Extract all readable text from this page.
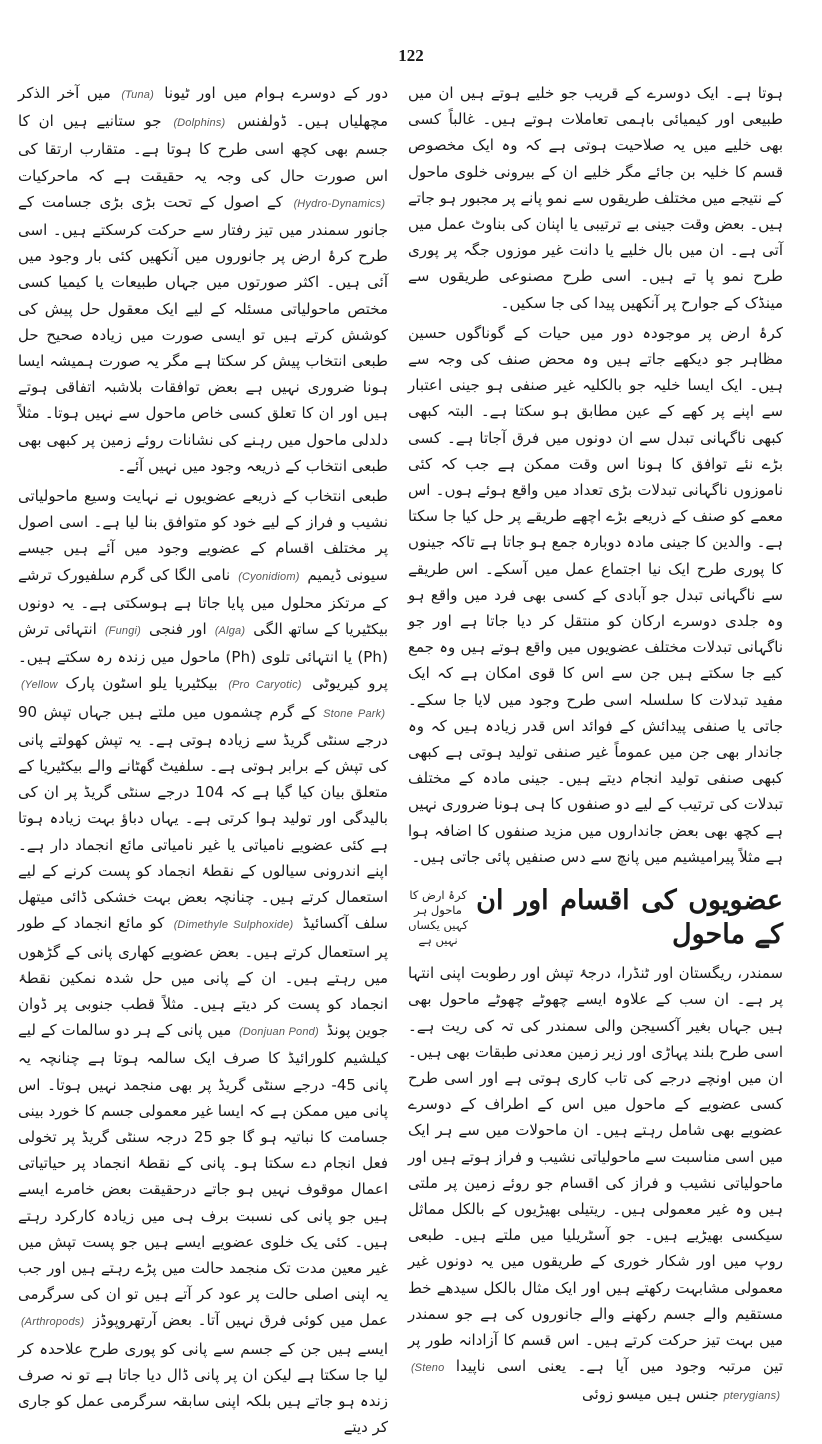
122

ہوتا ہے۔ ایک دوسرے کے قریب جو خلیے ہوتے ہیں ان میں طبیعی اور کیمیائی باہمی تعاملات ہوتے ہیں۔ غالباً کسی بھی خلیے میں یہ صلاحیت ہوتی ہے کہ وہ ایک مخصوص قسم کا خلیہ بن جائے مگر خلیے ان کے بیرونی خلوی ماحول کے نتیجے میں مختلف طریقوں سے نمو پانے پر مجبور ہو جاتے ہیں۔ بعض وقت جینی بے ترتیبی یا اپنان کی بناوٹ عمل میں آتی ہے۔ ان میں بال خلیے یا دانت غیر موزوں جگہ پر پوری طرح نمو پا تے ہیں۔ اسی طرح مصنوعی طریقوں سے مینڈک کے جوارح پر آنکھیں پیدا کی جا سکیں۔

کرۂ ارض پر موجودہ دور میں حیات کے گوناگوں حسین مظاہر جو دیکھے جاتے ہیں وہ محض صنف کی وجہ سے ہیں۔ ایک ایسا خلیہ جو بالکلیہ غیر صنفی ہو جینی اعتبار سے اپنے پر کھے کے عین مطابق ہو سکتا ہے۔ البتہ کبھی کبھی ناگہانی تبدل سے ان دونوں میں فرق آجاتا ہے۔ کسی بڑے نئے توافق کا ہونا اس وقت ممکن ہے جب کہ کئی ناموزوں ناگہانی تبدلات بڑی تعداد میں واقع ہوئے ہوں۔ اس معمے کو صنف کے ذریعے بڑے اچھے طریقے پر حل کیا جا سکتا ہے۔ والدین کا جینی مادہ دوبارہ جمع ہو جاتا ہے تاکہ جینوں کا پوری طرح ایک نیا اجتماع عمل میں آسکے۔ اس طریقے سے ناگہانی تبدل جو آبادی کے کسی بھی فرد میں واقع ہو وہ جلدی دوسرے ارکان کو منتقل کر دیا جاتا ہے اور جو ناگہانی تبدلات مختلف عضویوں میں واقع ہوتے ہیں وہ جمع کیے جا سکتے ہیں جن سے اس کا قوی امکان ہے کہ ایک مفید تبدلات کا سلسلہ اسی طرح وجود میں لایا جا سکے۔ جاتی یا صنفی پیدائش کے فوائد اس قدر زیادہ ہیں کہ وہ جاندار بھی جن میں عموماً غیر صنفی تولید ہوتی ہے کبھی کبھی صنفی تولید انجام دیتے ہیں۔ جینی مادہ کے مختلف تبدلات کی ترتیب کے لیے دو صنفوں کا ہی ہونا ضروری نہیں ہے کچھ بھی بعض جانداروں میں مزید صنفوں کا اضافہ ہوا ہے مثلاً پیرامیشیم میں پانچ سے دس صنفیں پائی جاتی ہیں۔

عضویوں کی اقسام اور ان کے ماحول
کرۂ ارض کا ماحول ہر کہیں یکساں نہیں ہے

سمندر، ریگستان اور ٹنڈرا، درجۂ تپش اور رطوبت اپنی انتہا پر ہے۔ ان سب کے علاوہ ایسے چھوٹے چھوٹے ماحول بھی ہیں جہاں بغیر آکسیجن والی سمندر کی تہ کی ریت ہے۔ اسی طرح بلند پہاڑی اور زیر زمین معدنی طبقات بھی ہیں۔ ان میں اونچے درجے کی تاب کاری ہوتی ہے اور اسی طرح کسی عضویے کے ماحول میں اس کے اطراف کے دوسرے عضویے بھی شامل رہتے ہیں۔ ان ماحولات میں سے ہر ایک میں اسی مناسبت سے ماحولیاتی نشیب و فراز ہوتے ہیں اور ماحولیاتی نشیب و فراز کی اقسام جو روئے زمین پر ملتی ہیں وہ غیر معمولی ہیں۔ ریتیلی بھیڑیوں کے بالکل مماثل سیکسی بھیڑیے ہیں۔ جو آسٹریلیا میں ملتے ہیں۔ طبعی روپ میں اور شکار خوری کے طریقوں میں یہ دونوں غیر معمولی مشابہت رکھتے ہیں اور ایک مثال بالکل سیدھے خط مستقیم والے جسم رکھنے والے جانوروں کی ہے جو سمندر میں بہت تیز حرکت کرتے ہیں۔ اس قسم کا آزادانہ طور پر تین مرتبہ وجود میں آیا ہے۔ یعنی اسی ناپیدا (Steno pterygians) جنس ہیں میسو زوئی

دور کے دوسرے ہوام میں اور ٹیونا (Tuna) میں آخر الذکر مچھلیاں ہیں۔ ڈولفنس (Dolphins) جو ستانیے ہیں ان کا جسم بھی کچھ اسی طرح کا ہوتا ہے۔ متقارب ارتقا کی اس صورت حال کی وجہ یہ حقیقت ہے کہ ماحرکیات (Hydro-Dynamics) کے اصول کے تحت بڑی بڑی جسامت کے جانور سمندر میں تیز رفتار سے حرکت کرسکتے ہیں۔ اسی طرح کرۂ ارض پر جانوروں میں آنکھیں کئی بار وجود میں آئی ہیں۔ اکثر صورتوں میں جہاں طبیعات یا کیمیا کسی مختص ماحولیاتی مسئلہ کے لیے ایک معقول حل پیش کی کوشش کرتے ہیں تو ایسی صورت میں زیادہ صحیح حل طبعی انتخاب پیش کر سکتا ہے مگر یہ صورت ہمیشہ ایسا ہونا ضروری نہیں ہے بعض توافقات بلاشبہ اتفاقی ہوتے ہیں اور ان کا تعلق کسی خاص ماحول سے نہیں ہوتا۔ مثلاً دلدلی ماحول میں رہنے کی نشانات روئے زمین پر کبھی بھی طبعی انتخاب کے ذریعہ وجود میں نہیں آئے۔

طبعی انتخاب کے ذریعے عضویوں نے نہایت وسیع ماحولیاتی نشیب و فراز کے لیے خود کو متوافق بنا لیا ہے۔ اسی اصول پر مختلف اقسام کے عضویے وجود میں آئے ہیں جیسے سیونی ڈیمیم (Cyonidiom) نامی الگا کی گرم سلفیورک ترشے کے مرتکز محلول میں پایا جاتا ہے ہوسکتی ہے۔ یہ دونوں بیکٹیریا کے ساتھ الگی (Alga) اور فنجی (Fungi) انتہائی ترش (Ph) یا انتہائی تلوی (Ph) ماحول میں زندہ رہ سکتے ہیں۔ پرو کیریوٹی (Pro Caryotic) بیکٹیریا یلو اسٹون پارک (Yellow Stone Park) کے گرم چشموں میں ملتے ہیں جہاں تپش 90 درجے سنٹی گریڈ سے زیادہ ہوتی ہے۔ یہ تپش کھولتے پانی کی تپش کے برابر ہوتی ہے۔ سلفیٹ گھٹانے والے بیکٹیریا کے متعلق بیان کیا گیا ہے کہ 104 درجے سنٹی گریڈ پر ان کی بالیدگی اور تولید ہوا کرتی ہے۔ یہاں دباؤ بہت زیادہ ہوتا ہے کئی عضویے نامیاتی یا غیر نامیاتی مائع انجماد دار ہے۔ اپنے اندرونی سیالوں کے نقطۂ انجماد کو پست کرنے کے لیے استعمال کرتے ہیں۔ چنانچہ بعض بہت خشکی ڈائی میتھل سلف آکسائیڈ (Dimethyle Sulphoxide) کو مائع انجماد کے طور پر استعمال کرتے ہیں۔ بعض عضویے کھاری پانی کے گڑھوں میں رہتے ہیں۔ ان کے پانی میں حل شدہ نمکین نقطۂ انجماد کو پست کر دیتے ہیں۔ مثلاً قطب جنوبی پر ڈوان جوین پونڈ (Donjuan Pond) میں پانی کے ہر دو سالمات کے لیے کیلشیم کلورائیڈ کا صرف ایک سالمہ ہوتا ہے چنانچہ یہ پانی 45- درجے سنٹی گریڈ پر بھی منجمد نہیں ہوتا۔ اس پانی میں ممکن ہے کہ ایسا غیر معمولی جسم کا خورد بینی جسامت کا نباتیہ ہو گا جو 25 درجہ سنٹی گریڈ پر تخولی فعل انجام دے سکتا ہو۔ پانی کے نقطۂ انجماد پر حیاتیاتی اعمال موقوف نہیں ہو جاتے درحقیقت بعض خامرے ایسے ہیں جو پانی کی نسبت برف ہی میں زیادہ کارکرد رہتے ہیں۔ کئی یک خلوی عضویے ایسے ہیں جو پست تپش میں غیر معین مدت تک منجمد حالت میں پڑے رہتے ہیں اور جب یہ اپنی اصلی حالت پر عود کر آتے ہیں تو ان کی سرگرمی عمل میں کوئی فرق نہیں آتا۔ بعض آرتھروپوڈز (Arthropods) ایسے ہیں جن کے جسم سے پانی کو پوری طرح علاحدہ کر لیا جا سکتا ہے لیکن ان پر پانی ڈال دیا جاتا ہے تو نہ صرف زندہ ہو جاتے ہیں بلکہ اپنی سابقہ سرگرمی عمل کو جاری کر دیتے
